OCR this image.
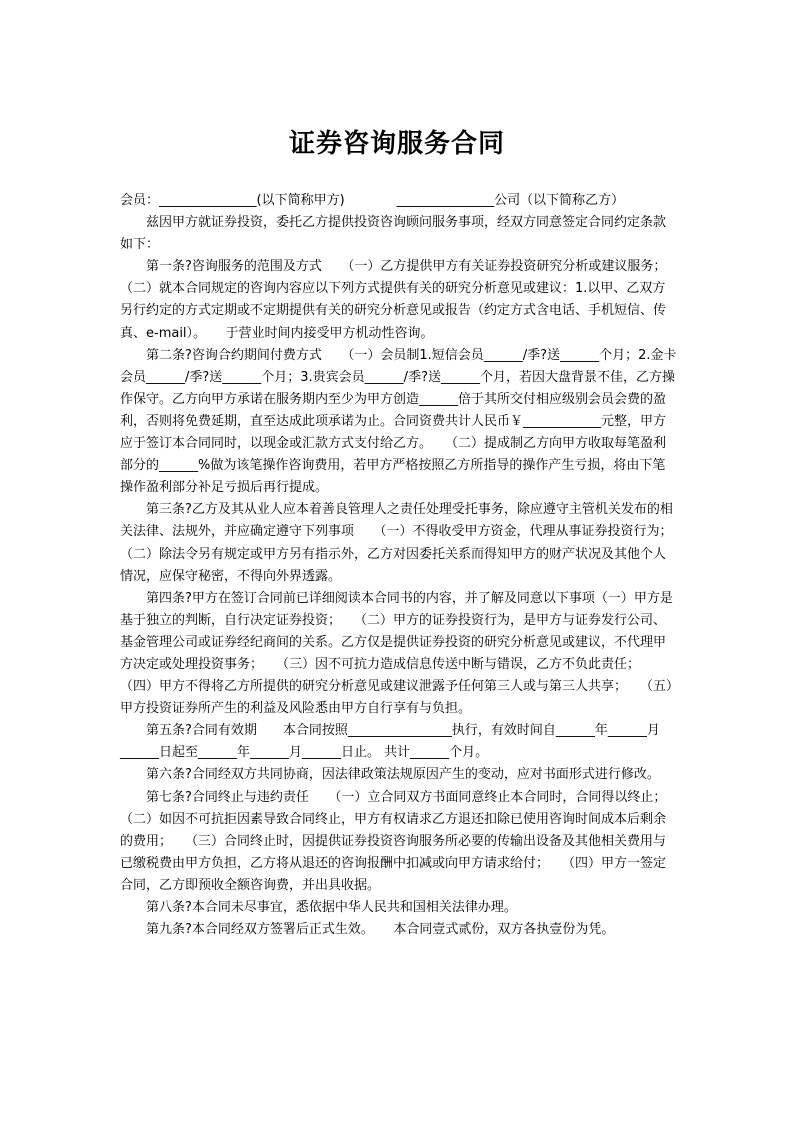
证券咨询服务合同

会员：_______________(以下简称甲方)　　　　_______________公司（以下简称乙方）

兹因甲方就证券投资，委托乙方提供投资咨询顾问服务事项，经双方同意签定合同约定条款如下：

第一条?咨询服务的范围及方式　　（一）乙方提供甲方有关证券投资研究分析或建议服务；　　（二）就本合同规定的咨询内容应以下列方式提供有关的研究分析意见或建议：1.以甲、乙双方另行约定的方式定期或不定期提供有关的研究分析意见或报告（约定方式含电话、手机短信、传真、e-mail）。　　于营业时间内接受甲方机动性咨询。

第二条?咨询合约期间付费方式　　（一）会员制1.短信会员______/季?送______个月；2.金卡会员______/季?送______个月；3.贵宾会员______/季?送______个月，若因大盘背景不佳，乙方操作保守。乙方向甲方承诺在服务期内至少为甲方创造______倍于其所交付相应级别会员会费的盈利，否则将免费延期，直至达成此项承诺为止。合同资费共计人民币￥____________元整，甲方应于签订本合同同时，以现金或汇款方式支付给乙方。　　（二）提成制乙方向甲方收取每笔盈利部分的______%做为该笔操作咨询费用，若甲方严格按照乙方所指导的操作产生亏损，将由下笔操作盈利部分补足亏损后再行提成。

第三条?乙方及其从业人应本着善良管理人之责任处理受托事务，除应遵守主管机关发布的相关法律、法规外，并应确定遵守下列事项　　（一）不得收受甲方资金，代理从事证券投资行为；　　（二）除法令另有规定或甲方另有指示外，乙方对因委托关系而得知甲方的财产状况及其他个人情况，应保守秘密，不得向外界透露。

第四条?甲方在签订合同前已详细阅读本合同书的内容，并了解及同意以下事项（一）甲方是基于独立的判断，自行决定证券投资；　　（二）甲方的证券投资行为，是甲方与证券发行公司、基金管理公司或证券经纪商间的关系。乙方仅是提供证券投资的研究分析意见或建议，不代理甲方决定或处理投资事务；　　（三）因不可抗力造成信息传送中断与错误，乙方不负此责任；　　（四）甲方不得将乙方所提供的研究分析意见或建议泄露予任何第三人或与第三人共享；　　（五）甲方投资证券所产生的利益及风险悉由甲方自行享有与负担。

第五条?合同有效期　　本合同按照________________执行，有效时间自______年______月______日起至______年______月______日止。 共计______个月。

第六条?合同经双方共同协商，因法律政策法规原因产生的变动，应对书面形式进行修改。

第七条?合同终止与违约责任　　（一）立合同双方书面同意终止本合同时，合同得以终止；　　（二）如因不可抗拒因素导致合同终止，甲方有权请求乙方退还扣除已使用咨询时间成本后剩余的费用；　　（三）合同终止时，因提供证券投资咨询服务所必要的传输出设备及其他相关费用与已缴税费由甲方负担，乙方将从退还的咨询报酬中扣减或向甲方请求给付；　　（四）甲方一签定合同，乙方即预收全额咨询费，并出具收据。

第八条?本合同未尽事宜，悉依据中华人民共和国相关法律办理。

第九条?本合同经双方签署后正式生效。　　本合同壹式贰份，双方各执壹份为凭。
